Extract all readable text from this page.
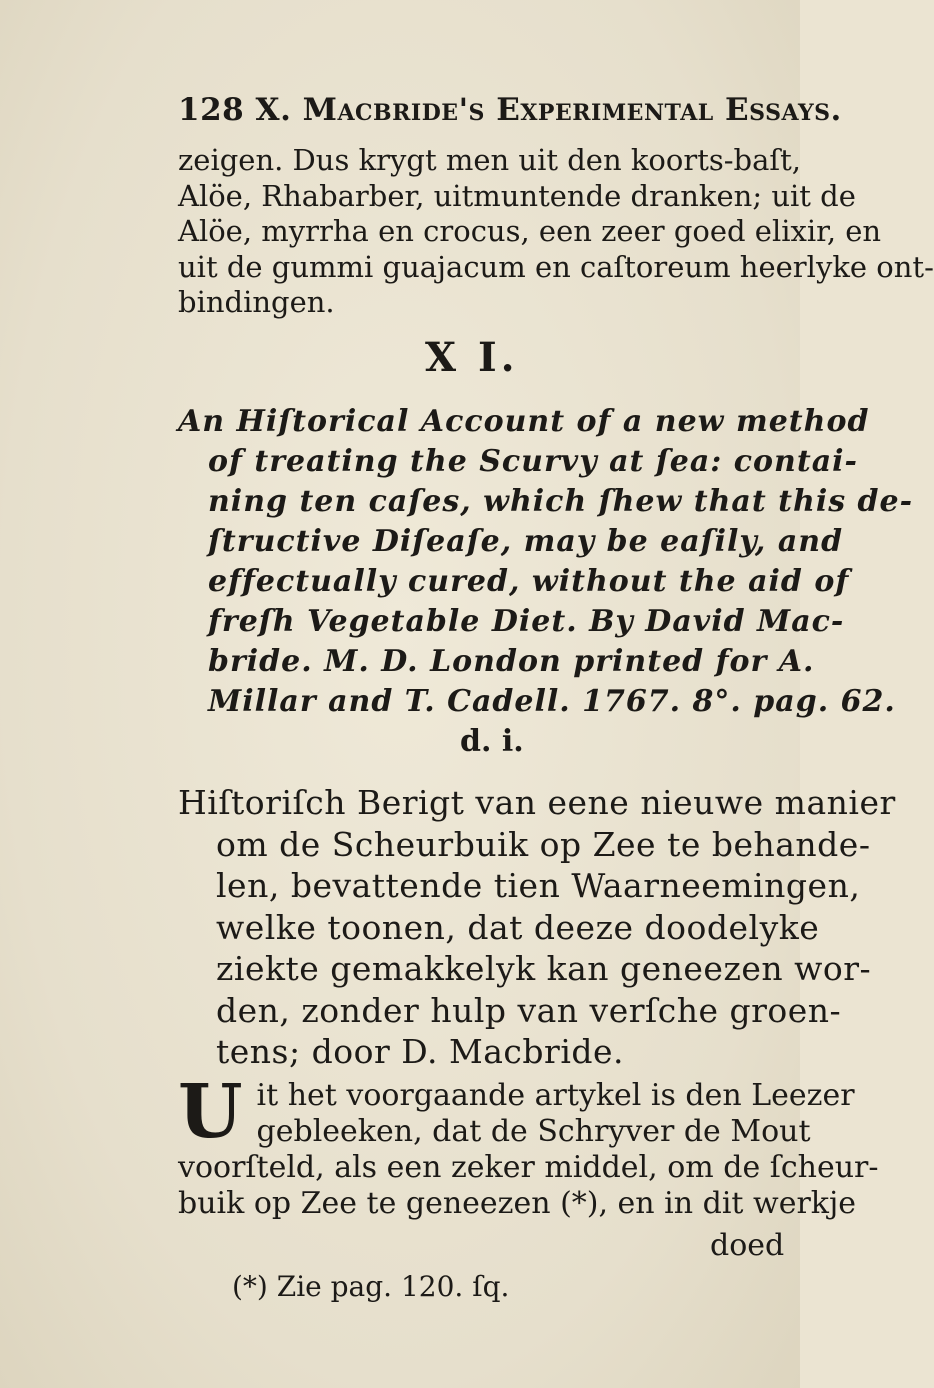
128 X. Macbride's Experimental Essays.
zeigen. Dus krygt men uit den koorts-baſt,
Alöe, Rhabarber, uitmuntende dranken; uit de
Alöe, myrrha en crocus, een zeer goed elixir, en
uit de gummi guajacum en caſtoreum heerlyke ont-
bindingen.
X I.
An Hiſtorical Account of a new method
of treating the Scurvy at ſea: contai-
ning ten caſes, which ſhew that this de-
ſtructive Diſeaſe, may be eaſily, and
effectually cured, without the aid of
freſh Vegetable Diet. By David Mac-
bride. M. D. London printed for A.
Millar and T. Cadell. 1767. 8°. pag. 62.
d. i.
Hiſtoriſch Berigt van eene nieuwe manier
om de Scheurbuik op Zee te behande-
len, bevattende tien Waarneemingen,
welke toonen, dat deeze doodelyke
ziekte gemakkelyk kan geneezen wor-
den, zonder hulp van verſche groen-
tens; door D. Macbride.
U it het voorgaande artykel is den Leezer
gebleeken, dat de Schryver de Mout
voorſteld, als een zeker middel, om de ſcheur-
buik op Zee te geneezen (*), en in dit werkje
doed
(*) Zie pag. 120. ſq.
